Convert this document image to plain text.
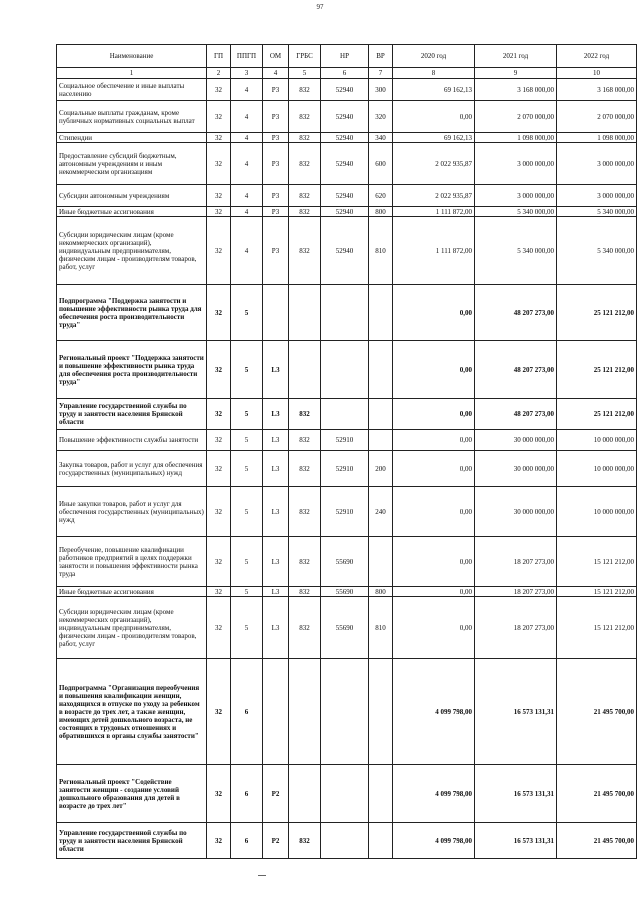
97
Наименование	ГП	ППГП	ОМ	ГРБС	НР	ВР	2020 год	2021 год	2022 год
1	2	3	4	5	6	7	8	9	10
Социальное обеспечение и иные выплаты населению	32	4	Р3	832	52940	300	69 162,13	3 168 000,00	3 168 000,00
Социальные выплаты гражданам, кроме публичных нормативных социальных выплат	32	4	Р3	832	52940	320	0,00	2 070 000,00	2 070 000,00
Стипендии	32	4	Р3	832	52940	340	69 162,13	1 098 000,00	1 098 000,00
Предоставление субсидий бюджетным, автономным учреждениям и иным некоммерческим организациям	32	4	Р3	832	52940	600	2 022 935,87	3 000 000,00	3 000 000,00
Субсидии автономным учреждениям	32	4	Р3	832	52940	620	2 022 935,87	3 000 000,00	3 000 000,00
Иные бюджетные ассигнования	32	4	Р3	832	52940	800	1 111 872,00	5 340 000,00	5 340 000,00
Субсидии юридическим лицам (кроме некоммерческих организаций), индивидуальным предпринимателям, физическим лицам - производителям товаров, работ, услуг	32	4	Р3	832	52940	810	1 111 872,00	5 340 000,00	5 340 000,00
Подпрограмма "Поддержка занятости и повышение эффективности рынка труда для обеспечения роста производительности труда"	32	5					0,00	48 207 273,00	25 121 212,00
Региональный проект "Поддержка занятости и повышение эффективности рынка труда для обеспечения роста производительности труда"	32	5	L3				0,00	48 207 273,00	25 121 212,00
Управление государственной службы по труду и занятости населения Брянской области	32	5	L3	832			0,00	48 207 273,00	25 121 212,00
Повышение эффективности службы занятости	32	5	L3	832	52910		0,00	30 000 000,00	10 000 000,00
Закупка товаров, работ и услуг для обеспечения государственных (муниципальных) нужд	32	5	L3	832	52910	200	0,00	30 000 000,00	10 000 000,00
Иные закупки товаров, работ и услуг для обеспечения государственных (муниципальных) нужд	32	5	L3	832	52910	240	0,00	30 000 000,00	10 000 000,00
Переобучение, повышение квалификации работников предприятий в целях поддержки занятости и повышения эффективности рынка труда	32	5	L3	832	55690		0,00	18 207 273,00	15 121 212,00
Иные бюджетные ассигнования	32	5	L3	832	55690	800	0,00	18 207 273,00	15 121 212,00
Субсидии юридическим лицам (кроме некоммерческих организаций), индивидуальным предпринимателям, физическим лицам - производителям товаров, работ, услуг	32	5	L3	832	55690	810	0,00	18 207 273,00	15 121 212,00
Подпрограмма "Организация переобучения и повышения квалификации женщин, находящихся в отпуске по уходу за ребенком в возрасте до трех лет, а также женщин, имеющих детей дошкольного возраста, не состоящих в трудовых отношениях и обратившихся в органы службы занятости"	32	6					4 099 798,00	16 573 131,31	21 495 700,00
Региональный проект "Содействие занятости женщин - создание условий дошкольного образования для детей в возрасте до трех лет"	32	6	Р2				4 099 798,00	16 573 131,31	21 495 700,00
Управление государственной службы по труду и занятости населения Брянской области	32	6	Р2	832			4 099 798,00	16 573 131,31	21 495 700,00
